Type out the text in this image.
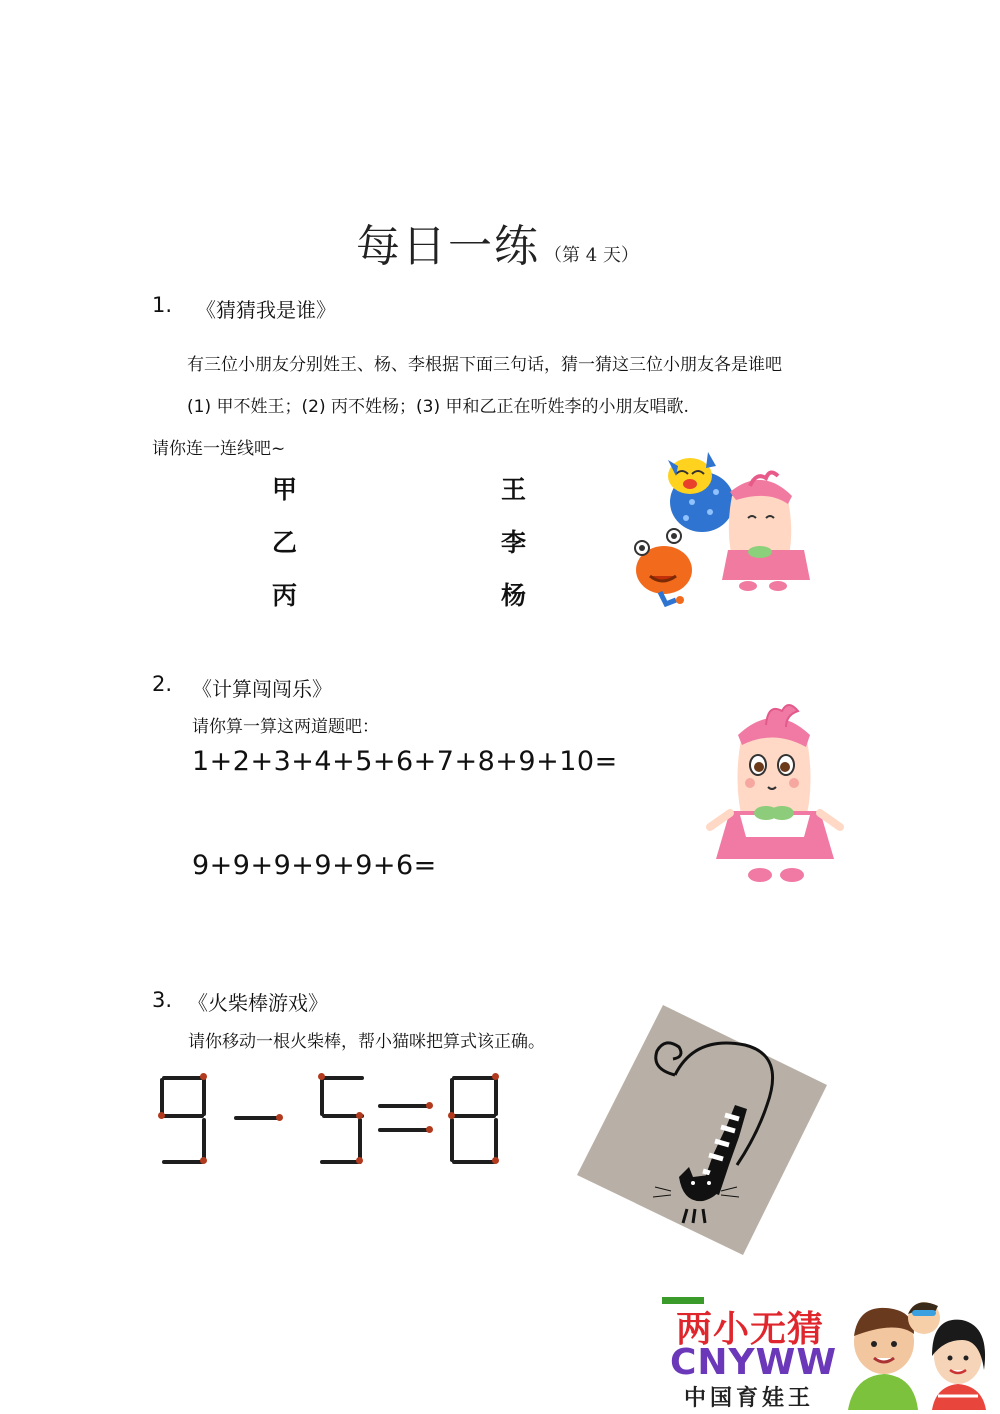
每日一练 （第 4 天）
1. 《猜猜我是谁》
有三位小朋友分别姓王、杨、李根据下面三句话，猜一猜这三位小朋友各是谁吧
(1) 甲不姓王；(2) 丙不姓杨；(3) 甲和乙正在听姓李的小朋友唱歌.
请你连一连线吧~
甲
乙
丙
王
李
杨
2. 《计算闯闯乐》
请你算一算这两道题吧：
1+2+3+4+5+6+7+8+9+10=
9+9+9+9+9+6=
3. 《火柴棒游戏》
请你移动一根火柴棒，帮小猫咪把算式该正确。
两小无猜
CNYWW
中国育娃王
